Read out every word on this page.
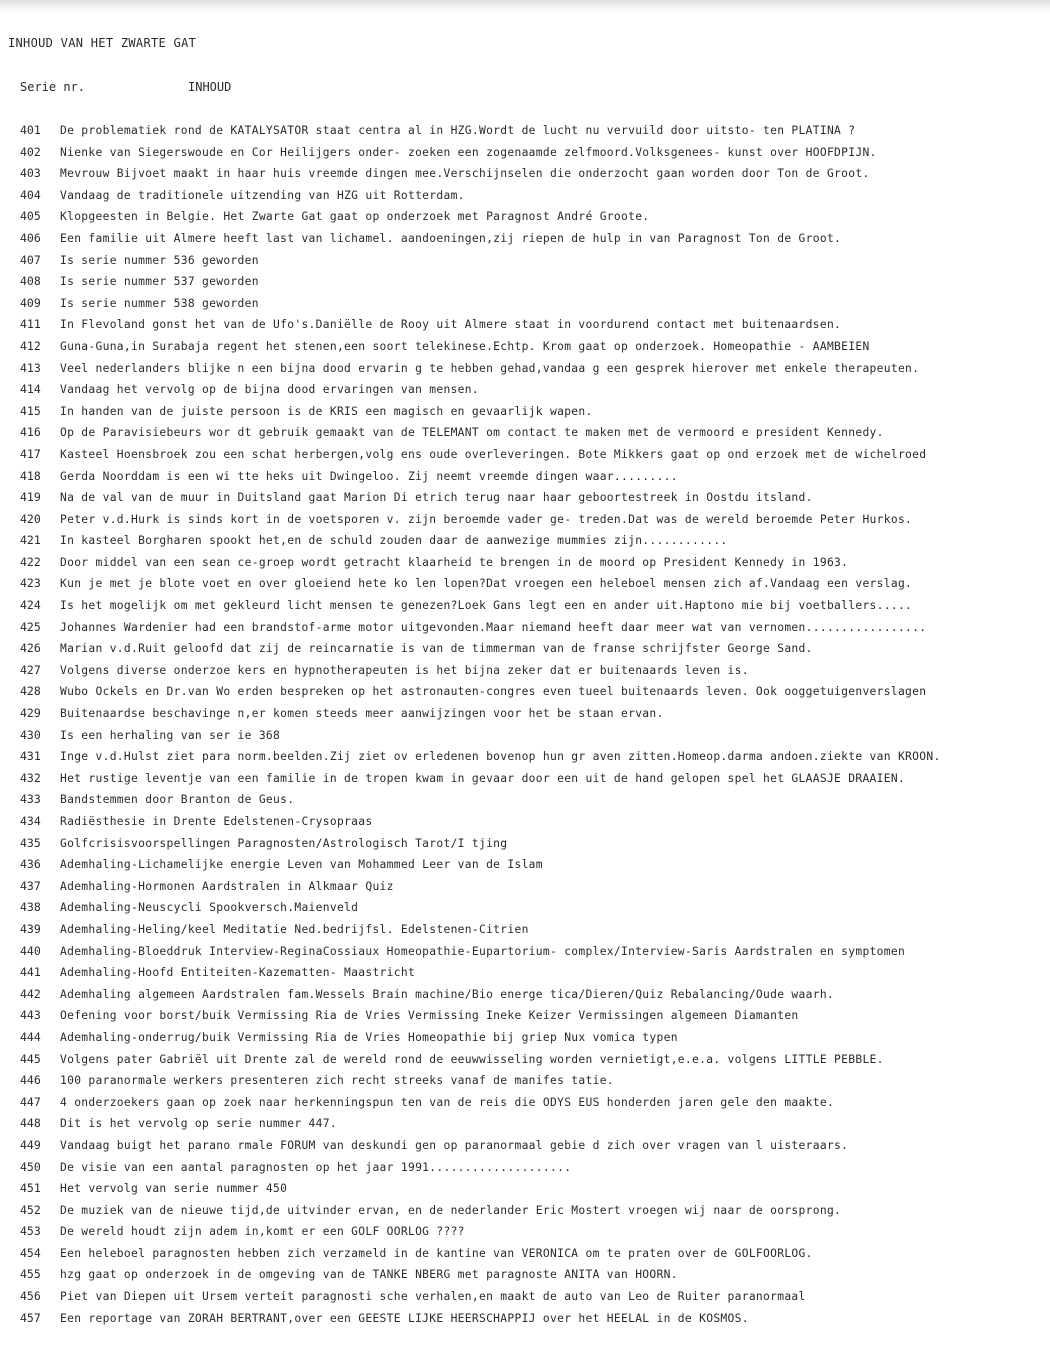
INHOUD VAN HET ZWARTE GAT
Serie nr.	INHOUD
401	De problematiek rond de KATALYSATOR staat centra al in HZG.Wordt de lucht nu vervuild door uitsto- ten PLATINA ?
402	Nienke van Siegerswoude en Cor Heilijgers onder- zoeken een zogenaamde zelfmoord.Volksgenees- kunst over HOOFDPIJN.
403	Mevrouw Bijvoet maakt in haar huis vreemde dingen mee.Verschijnselen die onderzocht gaan worden door Ton de Groot.
404	Vandaag de traditionele uitzending van HZG uit Rotterdam.
405	Klopgeesten in Belgie. Het Zwarte Gat gaat op onderzoek met Paragnost André Groote.
406	Een familie uit Almere heeft last van lichamel. aandoeningen,zij riepen de hulp in van Paragnost Ton de Groot.
407	Is serie nummer 536 geworden
408	Is serie nummer 537 geworden
409	Is serie nummer 538 geworden
411	In Flevoland gonst het van de Ufo's.Daniëlle de Rooy uit Almere staat in voordurend contact met buitenaardsen.
412	Guna-Guna,in Surabaja regent het stenen,een soort telekinese.Echtp. Krom gaat op onderzoek. Homeopathie - AAMBEIEN
413	Veel nederlanders blijke n een bijna dood ervarin g te hebben gehad,vandaa g een gesprek hierover met enkele therapeuten.
414	Vandaag het vervolg op de bijna dood ervaringen van mensen.
415	In handen van de juiste persoon is de KRIS een magisch en gevaarlijk wapen.
416	Op de Paravisiebeurs wor dt gebruik gemaakt van de TELEMANT om contact te maken met de vermoord e president Kennedy.
417	Kasteel Hoensbroek zou een schat herbergen,volg ens oude overleveringen. Bote Mikkers gaat op ond erzoek met de wichelroed
418	Gerda Noorddam is een wi tte heks uit Dwingeloo. Zij neemt vreemde dingen waar.........
419	Na de val van de muur in Duitsland gaat Marion Di etrich terug naar haar geboortestreek in Oostdu itsland.
420	Peter v.d.Hurk is sinds kort in de voetsporen v. zijn beroemde vader ge- treden.Dat was de wereld beroemde Peter Hurkos.
421	In kasteel Borgharen spookt het,en de schuld zouden daar de aanwezige mummies zijn............
422	Door middel van een sean ce-groep wordt getracht klaarheid te brengen in de moord op President Kennedy in 1963.
423	Kun je met je blote voet en over gloeiend hete ko len lopen?Dat vroegen een heleboel mensen zich af.Vandaag een verslag.
424	Is het mogelijk om met gekleurd licht mensen te genezen?Loek Gans legt een en ander uit.Haptono mie bij voetballers.....
425	Johannes Wardenier had een brandstof-arme motor uitgevonden.Maar niemand heeft daar meer wat van vernomen.................
426	Marian v.d.Ruit geloofd dat zij de reincarnatie is van de timmerman van de franse schrijfster George Sand.
427	Volgens diverse onderzoe kers en hypnotherapeuten is het bijna zeker dat er buitenaards leven is.
428	Wubo Ockels en Dr.van Wo erden bespreken op het astronauten-congres even tueel buitenaards leven. Ook ooggetuigenverslagen
429	Buitenaardse beschavinge n,er komen steeds meer aanwijzingen voor het be staan ervan.
430	Is een herhaling van ser ie 368
431	Inge v.d.Hulst ziet para norm.beelden.Zij ziet ov erledenen bovenop hun gr aven zitten.Homeop.darma andoen.ziekte van KROON.
432	Het rustige leventje van een familie in de tropen kwam in gevaar door een uit de hand gelopen spel het GLAASJE DRAAIEN.
433	Bandstemmen door Branton de Geus.
434	Radiësthesie in Drente Edelstenen-Crysopraas
435	Golfcrisisvoorspellingen Paragnosten/Astrologisch Tarot/I tjing
436	Ademhaling-Lichamelijke energie Leven van Mohammed Leer van de Islam
437	Ademhaling-Hormonen Aardstralen in Alkmaar Quiz
438	Ademhaling-Neuscycli Spookversch.Maienveld
439	Ademhaling-Heling/keel Meditatie Ned.bedrijfsl. Edelstenen-Citrien
440	Ademhaling-Bloeddruk Interview-ReginaCossiaux Homeopathie-Eupartorium- complex/Interview-Saris Aardstralen en symptomen
441	Ademhaling-Hoofd Entiteiten-Kazematten- Maastricht
442	Ademhaling algemeen Aardstralen fam.Wessels Brain machine/Bio energe tica/Dieren/Quiz Rebalancing/Oude waarh.
443	Oefening voor borst/buik Vermissing Ria de Vries Vermissing Ineke Keizer Vermissingen algemeen Diamanten
444	Ademhaling-onderrug/buik Vermissing Ria de Vries Homeopathie bij griep Nux vomica typen
445	Volgens pater Gabriël uit Drente zal de wereld rond de eeuwwisseling worden vernietigt,e.e.a. volgens LITTLE PEBBLE.
446	100 paranormale werkers presenteren zich recht streeks vanaf de manifes tatie.
447	4 onderzoekers gaan op zoek naar herkenningspun ten van de reis die ODYS EUS honderden jaren gele den maakte.
448	Dit is het vervolg op serie nummer 447.
449	Vandaag buigt het parano rmale FORUM van deskundi gen op paranormaal gebie d zich over vragen van l uisteraars.
450	De visie van een aantal paragnosten op het jaar 1991....................
451	Het vervolg van serie nummer 450
452	De muziek van de nieuwe tijd,de uitvinder ervan, en de nederlander Eric Mostert vroegen wij naar de oorsprong.
453	De wereld houdt zijn adem in,komt er een GOLF OORLOG ????
454	Een heleboel paragnosten hebben zich verzameld in de kantine van VERONICA om te praten over de GOLFOORLOG.
455	hzg gaat op onderzoek in de omgeving van de TANKE NBERG met paragnoste ANITA van HOORN.
456	Piet van Diepen uit Ursem verteit paragnosti sche verhalen,en maakt de auto van Leo de Ruiter paranormaal
457	Een reportage van ZORAH BERTRANT,over een GEESTE LIJKE HEERSCHAPPIJ over het HEELAL in de KOSMOS.
